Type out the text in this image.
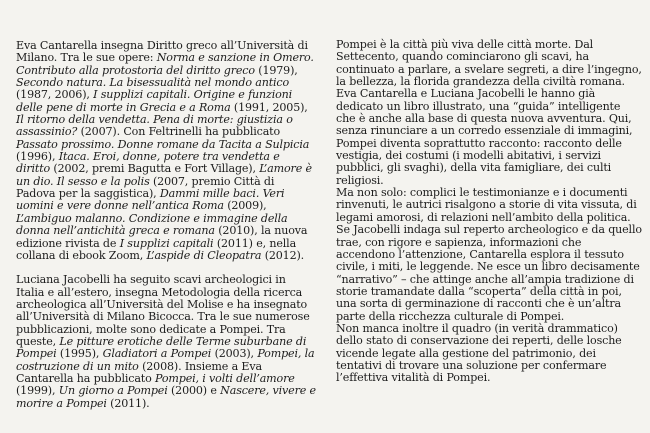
Eva Cantarella insegna Diritto greco all’Università di Milano. Tra le sue opere: Norma e sanzione in Omero. Contributo alla protostoria del diritto greco (1979), Secondo natura. La bisessualità nel mondo antico (1987, 2006), I supplizi capitali. Origine e funzioni delle pene di morte in Grecia e a Roma (1991, 2005), Il ritorno della vendetta. Pena di morte: giustizia o assassinio? (2007). Con Feltrinelli ha pubblicato Passato prossimo. Donne romane da Tacita a Sulpicia (1996), Itaca. Eroi, donne, potere tra vendetta e diritto (2002, premi Bagutta e Fort Village), L’amore è un dio. Il sesso e la polis (2007, premio Città di Padova per la saggistica), Dammi mille baci. Veri uomini e vere donne nell’antica Roma (2009), L’ambiguo malanno. Condizione e immagine della donna nell’antichità greca e romana (2010), la nuova edizione rivista de I supplizi capitali (2011) e, nella collana di ebook Zoom, L’aspide di Cleopatra (2012).

Luciana Jacobelli ha seguito scavi archeologici in Italia e all’estero, insegna Metodologia della ricerca archeologica all’Università del Molise e ha insegnato all’Università di Milano Bicocca. Tra le sue numerose pubblicazioni, molte sono dedicate a Pompei. Tra queste, Le pitture erotiche delle Terme suburbane di Pompei (1995), Gladiatori a Pompei (2003), Pompei, la costruzione di un mito (2008). Insieme a Eva Cantarella ha pubblicato Pompei, i volti dell’amore (1999), Un giorno a Pompei (2000) e Nascere, vivere e morire a Pompei (2011).

Pompei è la città più viva delle città morte. Dal Settecento, quando cominciarono gli scavi, ha continuato a parlare, a svelare segreti, a dire l’ingegno, la bellezza, la florida grandezza della civiltà romana. Eva Cantarella e Luciana Jacobelli le hanno già dedicato un libro illustrato, una “guida” intelligente che è anche alla base di questa nuova avventura. Qui, senza rinunciare a un corredo essenziale di immagini, Pompei diventa soprattutto racconto: racconto delle vestigia, dei costumi (i modelli abitativi, i servizi pubblici, gli svaghi), della vita famigliare, dei culti religiosi.

Ma non solo: complici le testimonianze e i documenti rinvenuti, le autrici risalgono a storie di vita vissuta, di legami amorosi, di relazioni nell’ambito della politica. Se Jacobelli indaga sul reperto archeologico e da quello trae, con rigore e sapienza, informazioni che accendono l’attenzione, Cantarella esplora il tessuto civile, i miti, le leggende. Ne esce un libro decisamente “narrativo” – che attinge anche all’ampia tradizione di storie tramandate dalla “scoperta” della città in poi, una sorta di germinazione di racconti che è un’altra parte della ricchezza culturale di Pompei.

Non manca inoltre il quadro (in verità drammatico) dello stato di conservazione dei reperti, delle losche vicende legate alla gestione del patrimonio, dei tentativi di trovare una soluzione per confermare l’effettiva vitalità di Pompei.
